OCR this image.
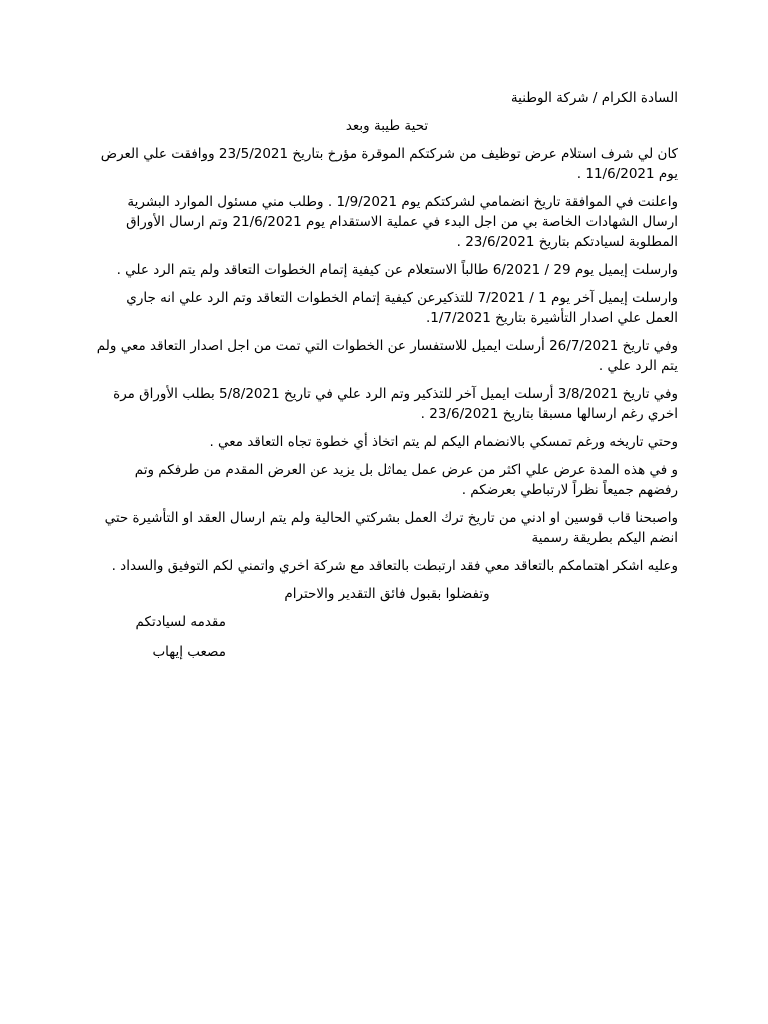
السادة الكرام / شركة الوطنية

تحية طيبة وبعد

كان لي شرف استلام عرض توظيف من شركتكم الموقرة مؤرخ بتاريخ 23/5/2021 ووافقت علي العرض يوم 11/6/2021 .

واعلنت في الموافقة تاريخ انضمامي لشركتكم يوم 1/9/2021 . وطلب مني مسئول الموارد البشرية ارسال الشهادات الخاصة بي من اجل البدء في عملية الاستقدام يوم 21/6/2021 وتم ارسال الأوراق المطلوبة لسيادتكم بتاريخ 23/6/2021 .

وارسلت إيميل يوم 29 / 6/2021 طالباً الاستعلام عن كيفية إتمام الخطوات التعاقد ولم يتم الرد علي .

وارسلت إيميل آخر يوم 1 / 7/2021 للتذكيرعن كيفية إتمام الخطوات التعاقد وتم الرد علي انه جاري العمل علي اصدار التأشيرة بتاريخ 1/7/2021.

وفي تاريخ 26/7/2021 أرسلت ايميل للاستفسار عن الخطوات التي تمت من اجل اصدار التعاقد معي ولم يتم الرد علي .

وفي تاريخ 3/8/2021 أرسلت ايميل آخر للتذكير وتم الرد علي في تاريخ 5/8/2021 بطلب الأوراق مرة اخري رغم ارسالها مسبقا بتاريخ 23/6/2021 .

وحتي تاريخه ورغم تمسكي بالانضمام اليكم لم يتم اتخاذ أي خطوة تجاه التعاقد معي .

و في هذه المدة عرض علي اكثر من عرض عمل يماثل بل يزيد عن العرض المقدم من طرفكم وتم رفضهم جميعاً نظراً لارتباطي بعرضكم .

واصبحنا قاب قوسين او ادني من تاريخ ترك العمل بشركتي الحالية ولم يتم ارسال العقد او التأشيرة حتي انضم اليكم بطريقة رسمية

وعليه اشكر اهتمامكم بالتعاقد معي فقد ارتبطت بالتعاقد مع شركة اخري واتمني لكم التوفيق والسداد .

وتفضلوا بقبول فائق التقدير والاحترام

مقدمه لسيادتكم

مصعب إيهاب
